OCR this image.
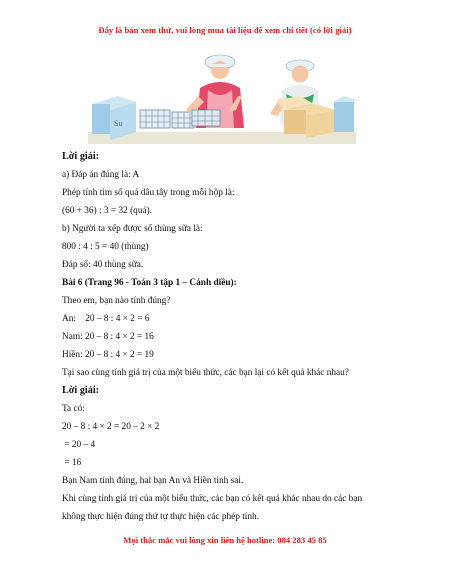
Đây là bản xem thử, vui lòng mua tài liệu để xem chi tiết (có lời giải)
Su
Lời giải:
a) Đáp án đúng là: A
Phép tính tìm số quả dâu tây trong mỗi hộp là:
(60 + 36) : 3 = 32 (quả).
b) Người ta xếp được số thùng sữa là:
800 : 4 : 5 = 40 (thùng)
Đáp số: 40 thùng sữa.
Bài 6 (Trang 96 - Toán 3 tập 1 – Cánh diều):
Theo em, bạn nào tính đúng?
An:    20 – 8 : 4 × 2 = 6
Nam: 20 – 8 : 4 × 2 = 16
Hiền: 20 – 8 : 4 × 2 = 19
Tại sao cùng tính giá trị của một biểu thức, các bạn lại có kết quả khác nhau?
Lời giải:
Ta có:
20 – 8 : 4 × 2 = 20 – 2 × 2
= 20 – 4
= 16
Bạn Nam tính đúng, hai bạn An và Hiền tính sai.
Khi cùng tính giá trị của một biểu thức, các bạn có kết quả khác nhau do các bạn
không thực hiện đúng thứ tự thực hiện các phép tính.
Mọi thắc mắc vui lòng xin liên hệ hotline: 084 283 45 85
